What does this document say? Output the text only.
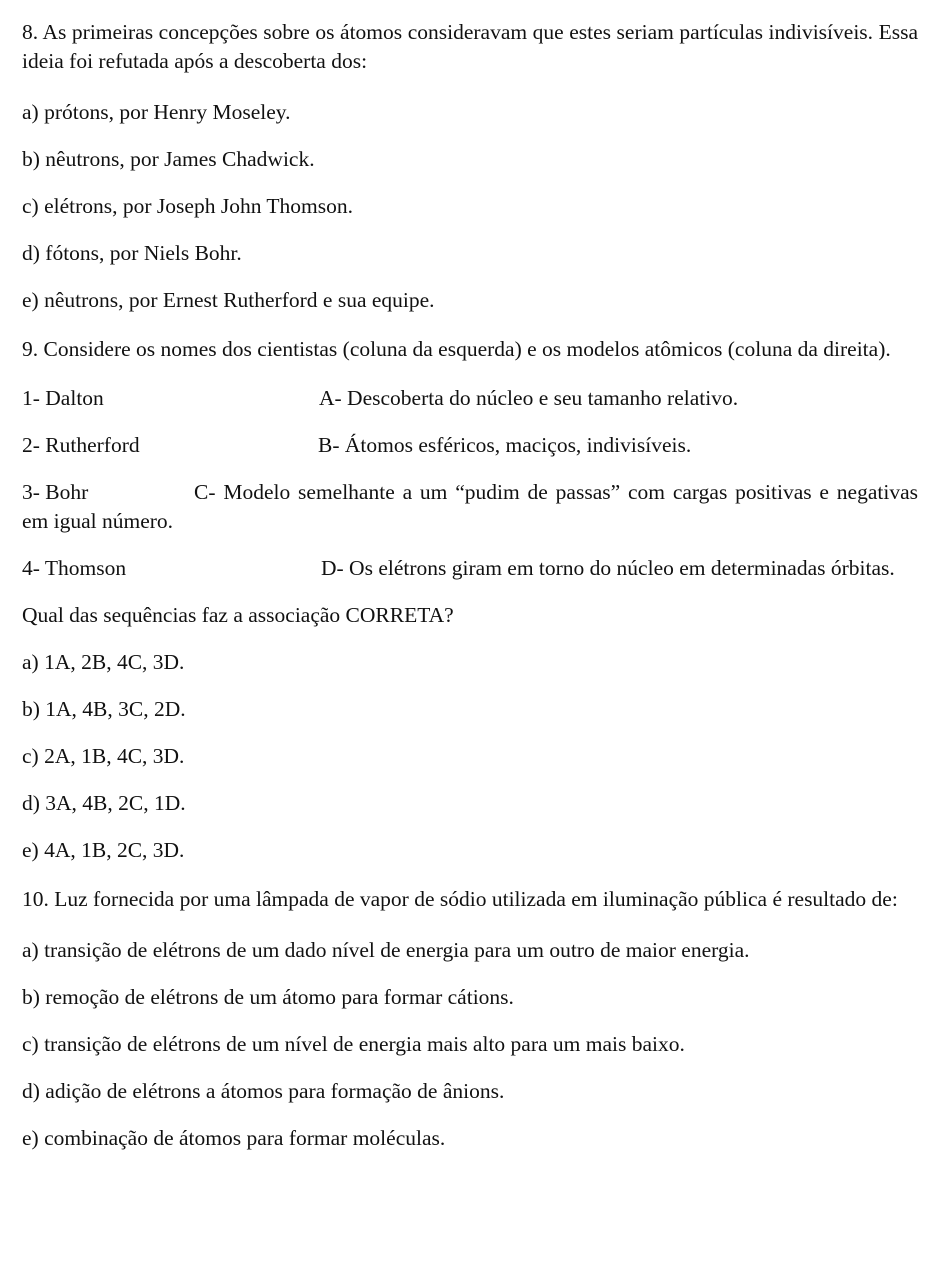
8. As primeiras concepções sobre os átomos consideravam que estes seriam partículas indivisíveis. Essa ideia foi refutada após a descoberta dos:

a) prótons, por Henry Moseley.

b) nêutrons, por James Chadwick.

c) elétrons, por Joseph John Thomson.

d) fótons, por Niels Bohr.

e) nêutrons, por Ernest Rutherford e sua equipe.

9. Considere os nomes dos cientistas (coluna da esquerda) e os modelos atômicos (coluna da direita).

1- Dalton	A- Descoberta do núcleo e seu tamanho relativo.

2- Rutherford	B- Átomos esféricos, maciços, indivisíveis.

3- Bohr	C- Modelo semelhante a um “pudim de passas” com cargas positivas e negativas em igual número.

4- Thomson	D- Os elétrons giram em torno do núcleo em determinadas órbitas.

Qual das sequências faz a associação CORRETA?

a) 1A, 2B, 4C, 3D.

b) 1A, 4B, 3C, 2D.

c) 2A, 1B, 4C, 3D.

d) 3A, 4B, 2C, 1D.

e) 4A, 1B, 2C, 3D.

10. Luz fornecida por uma lâmpada de vapor de sódio utilizada em iluminação pública é resultado de:

a) transição de elétrons de um dado nível de energia para um outro de maior energia.

b) remoção de elétrons de um átomo para formar cátions.

c) transição de elétrons de um nível de energia mais alto para um mais baixo.

d) adição de elétrons a átomos para formação de ânions.

e) combinação de átomos para formar moléculas.
